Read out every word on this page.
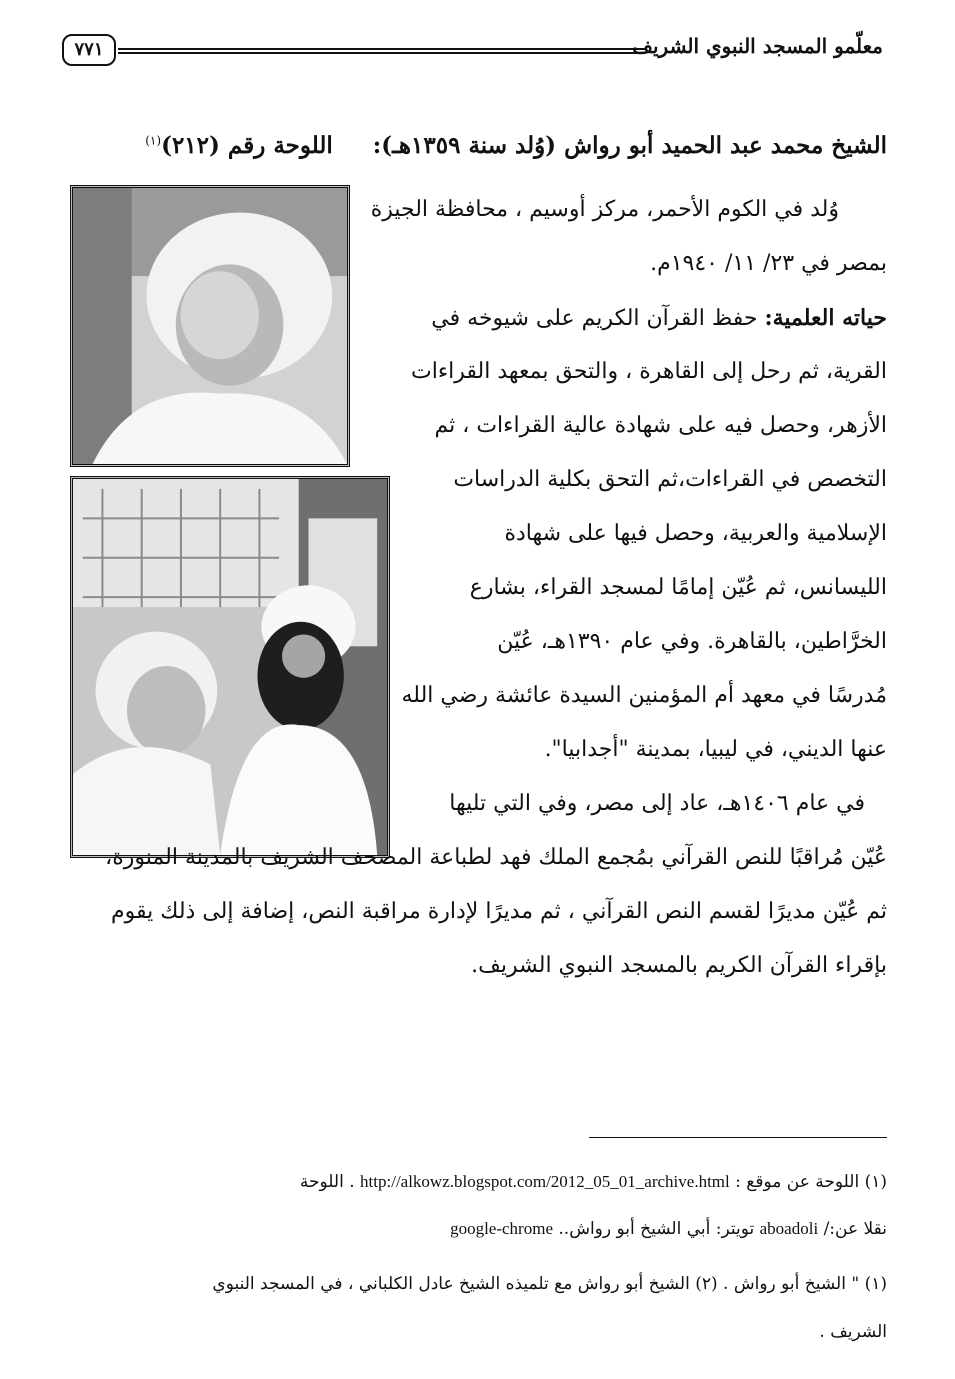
معلّمو المسجد النبوي الشريف
٧٧١
الشيخ محمد عبد الحميد أبو رواش (وُلد سنة ١٣٥٩هـ):اللوحة رقم (٢١٢)$^{(١)}$
وُلد في الكوم الأحمر، مركز أوسيم ، محافظة الجيزة
بمصر في ٢٣/ ١١/ ١٩٤٠م.
حياته العلمية: حفظ القرآن الكريم على شيوخه في
القرية، ثم رحل إلى القاهرة ، والتحق بمعهد القراءات
الأزهر، وحصل فيه على شهادة عالية القراءات ، ثم
التخصص في القراءات،ثم التحق بكلية الدراسات
الإسلامية والعربية، وحصل فيها على شهادة
الليسانس، ثم عُيّن إمامًا لمسجد القراء، بشارع
الخرَّاطين، بالقاهرة. وفي عام ١٣٩٠هـ، عُيّن
مُدرسًا في معهد أم المؤمنين السيدة عائشة رضي الله
عنها الديني، في ليبيا، بمدينة "أجدابيا".
في عام ١٤٠٦هـ، عاد إلى مصر، وفي التي تليها
عُيّن مُراقبًا للنص القرآني بمُجمع الملك فهد لطباعة المصحف الشريف بالمدينة المنورة،
ثم عُيّن مديرًا لقسم النص القرآني ، ثم مديرًا لإدارة مراقبة النص، إضافة إلى ذلك يقوم
بإقراء القرآن الكريم بالمسجد النبوي الشريف.
(١) اللوحة عن موقع : http://alkowz.blogspot.com/2012_05_01_archive.html . اللوحة
نقلا عن:/ aboadoli تويتر: أبي الشيخ أبو رواش.. google-chrome
(١) " الشيخ أبو رواش . (٢) الشيخ أبو رواش مع تلميذه الشيخ عادل الكلباني ، في المسجد النبوي
الشريف .
